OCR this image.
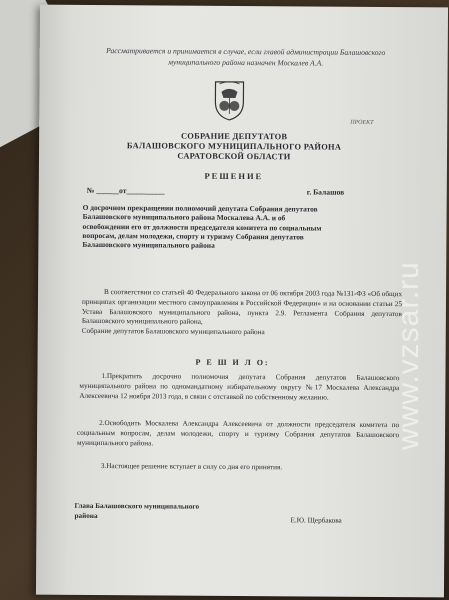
Рассматривается и принимается в случае, если главой администрации Балашовского муниципального района назначен Москалев А.А.
ПРОЕКТ
СОБРАНИЕ ДЕПУТАТОВ
БАЛАШОВСКОГО МУНИЦИПАЛЬНОГО РАЙОНА
САРАТОВСКОЙ ОБЛАСТИ
РЕШЕНИЕ
№ ______от__________	г. Балашов
О досрочном прекращении полномочий депутата Собрания депутатов Балашовского муниципального района Москалева А.А. и об освобождении его от должности председателя комитета по социальным вопросам, делам молодежи, спорту и туризму Собрания депутатов Балашовского муниципального района
В соответствии со статьей 40 Федерального закона от 06 октября 2003 года №131-ФЗ «Об общих принципах организации местного самоуправления в Российской Федерации» и на основании статьи 25 Устава Балашовского муниципального района, пункта 2.9. Регламента Собрания депутатов Балашовского муниципального района,
Собрание депутатов Балашовского муниципального района
Р Е Ш И Л О:
1.Прекратить досрочно полномочия депутата Собрания депутатов Балашовского муниципального района по одномандатному избирательному округу №17 Москалева Александра Алексеевича 12 ноября 2013 года, в связи с отставкой по собственному желанию.
2.Освободить Москалева Александра Алексеевича от должности председателя комитета по социальным вопросам, делам молодежи, спорту и туризму Собрания депутатов Балашовского муниципального района.
3.Настоящее решение вступает в силу со дня его принятия.
Глава Балашовского муниципального района
Е.Ю. Щербакова
www.vzsar.ru
